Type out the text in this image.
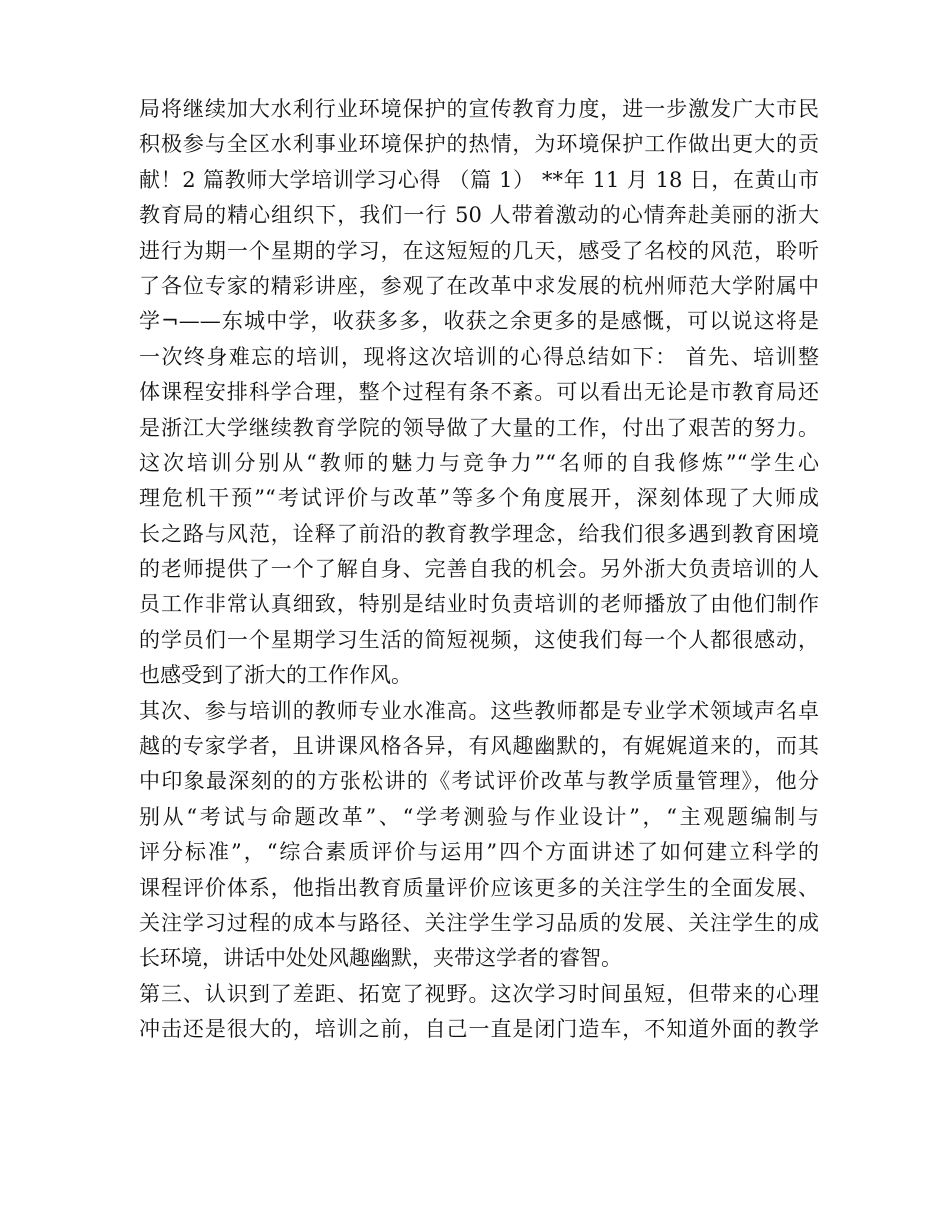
局将继续加大水利行业环境保护的宣传教育力度，进一步激发广大市民
积极参与全区水利事业环境保护的热情，为环境保护工作做出更大的贡
献！2 篇教师大学培训学习心得 （篇 1） **年 11 月 18 日，在黄山市
教育局的精心组织下，我们一行 50 人带着激动的心情奔赴美丽的浙大
进行为期一个星期的学习，在这短短的几天，感受了名校的风范，聆听
了各位专家的精彩讲座，参观了在改革中求发展的杭州师范大学附属中
学¬——东城中学，收获多多，收获之余更多的是感慨，可以说这将是
一次终身难忘的培训，现将这次培训的心得总结如下： 首先、培训整
体课程安排科学合理，整个过程有条不紊。可以看出无论是市教育局还
是浙江大学继续教育学院的领导做了大量的工作，付出了艰苦的努力。
这次培训分别从“教师的魅力与竞争力”“名师的自我修炼”“学生心
理危机干预”“考试评价与改革”等多个角度展开，深刻体现了大师成
长之路与风范，诠释了前沿的教育教学理念，给我们很多遇到教育困境
的老师提供了一个了解自身、完善自我的机会。另外浙大负责培训的人
员工作非常认真细致，特别是结业时负责培训的老师播放了由他们制作
的学员们一个星期学习生活的简短视频，这使我们每一个人都很感动，
也感受到了浙大的工作作风。
其次、参与培训的教师专业水准高。这些教师都是专业学术领域声名卓
越的专家学者，且讲课风格各异，有风趣幽默的，有娓娓道来的，而其
中印象最深刻的的方张松讲的《考试评价改革与教学质量管理》，他分
别从“考试与命题改革”、“学考测验与作业设计”，“主观题编制与
评分标准”，“综合素质评价与运用”四个方面讲述了如何建立科学的
课程评价体系，他指出教育质量评价应该更多的关注学生的全面发展、
关注学习过程的成本与路径、关注学生学习品质的发展、关注学生的成
长环境，讲话中处处风趣幽默，夹带这学者的睿智。
第三、认识到了差距、拓宽了视野。这次学习时间虽短，但带来的心理
冲击还是很大的，培训之前，自己一直是闭门造车，不知道外面的教学
